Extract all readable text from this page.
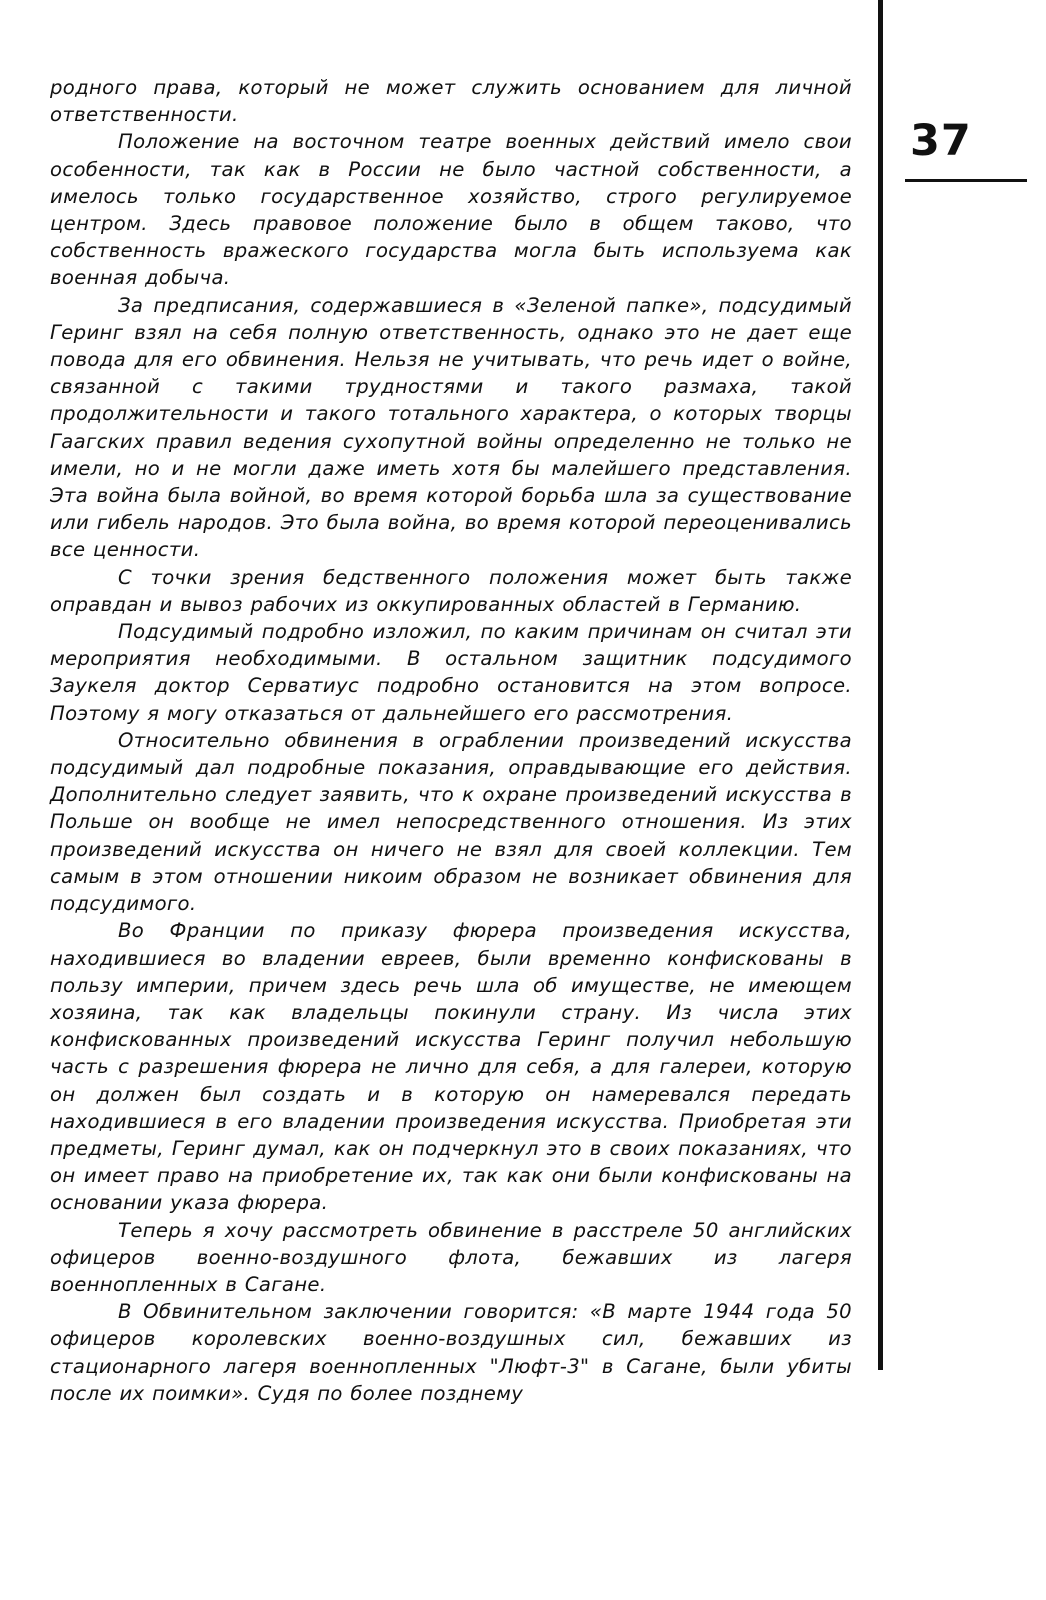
родного права, который не может служить основанием для личной ответственности.

Положение на восточном театре военных действий имело свои особенности, так как в России не было частной собственности, а имелось только государственное хозяйство, строго регулируемое центром. Здесь правовое положение было в общем таково, что собственность вражеского государства могла быть используема как военная добыча.

За предписания, содержавшиеся в «Зеленой папке», подсудимый Геринг взял на себя полную ответственность, однако это не дает еще повода для его обвинения. Нельзя не учитывать, что речь идет о войне, связанной с такими трудностями и такого размаха, такой продолжительности и такого тотального характера, о которых творцы Гаагских правил ведения сухопутной войны определенно не только не имели, но и не могли даже иметь хотя бы малейшего представления. Эта война была войной, во время которой борьба шла за существование или гибель народов. Это была война, во время которой переоценивались все ценности.

С точки зрения бедственного положения может быть также оправдан и вывоз рабочих из оккупированных областей в Германию.

Подсудимый подробно изложил, по каким причинам он считал эти мероприятия необходимыми. В остальном защитник подсудимого Заукеля доктор Серватиус подробно остановится на этом вопросе. Поэтому я могу отказаться от дальнейшего его рассмотрения.

Относительно обвинения в ограблении произведений искусства подсудимый дал подробные показания, оправдывающие его действия. Дополнительно следует заявить, что к охране произведений искусства в Польше он вообще не имел непосредственного отношения. Из этих произведений искусства он ничего не взял для своей коллекции. Тем самым в этом отношении никоим образом не возникает обвинения для подсудимого.

Во Франции по приказу фюрера произведения искусства, находившиеся во владении евреев, были временно конфискованы в пользу империи, причем здесь речь шла об имуществе, не имеющем хозяина, так как владельцы покинули страну. Из числа этих конфискованных произведений искусства Геринг получил небольшую часть с разрешения фюрера не лично для себя, а для галереи, которую он должен был создать и в которую он намеревался передать находившиеся в его владении произведения искусства. Приобретая эти предметы, Геринг думал, как он подчеркнул это в своих показаниях, что он имеет право на приобретение их, так как они были конфискованы на основании указа фюрера.

Теперь я хочу рассмотреть обвинение в расстреле 50 английских офицеров военно-воздушного флота, бежавших из лагеря военнопленных в Сагане.

В Обвинительном заключении говорится: «В марте 1944 года 50 офицеров королевских военно-воздушных сил, бежавших из стационарного лагеря военнопленных "Люфт-3" в Сагане, были убиты после их поимки». Судя по более позднему

37
